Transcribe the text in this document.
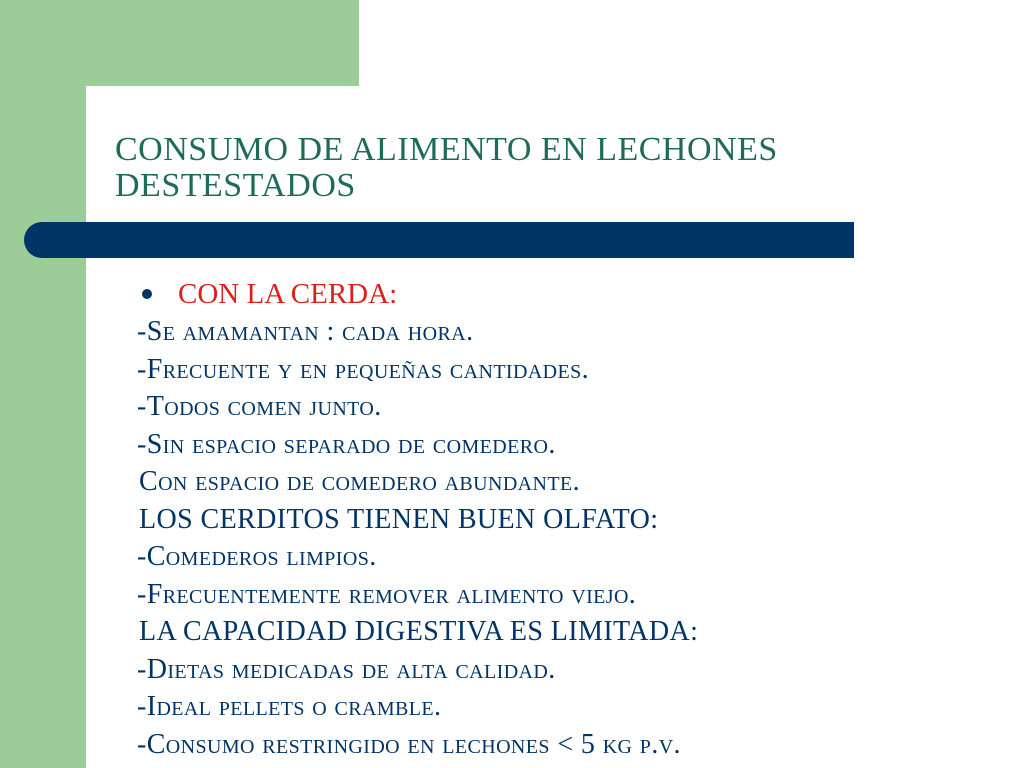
CONSUMO DE ALIMENTO EN LECHONES
DESTESTADOS
CON LA CERDA:
-Se amamantan : cada hora.
-Frecuente y en pequeñas cantidades.
-Todos comen junto.
-Sin espacio separado de comedero.
Con espacio de comedero abundante.
LOS CERDITOS TIENEN BUEN OLFATO:
-Comederos limpios.
-Frecuentemente remover alimento viejo.
LA CAPACIDAD DIGESTIVA ES LIMITADA:
-Dietas medicadas de alta calidad.
-Ideal pellets o cramble.
-Consumo restringido en lechones < 5 kg p.v.
